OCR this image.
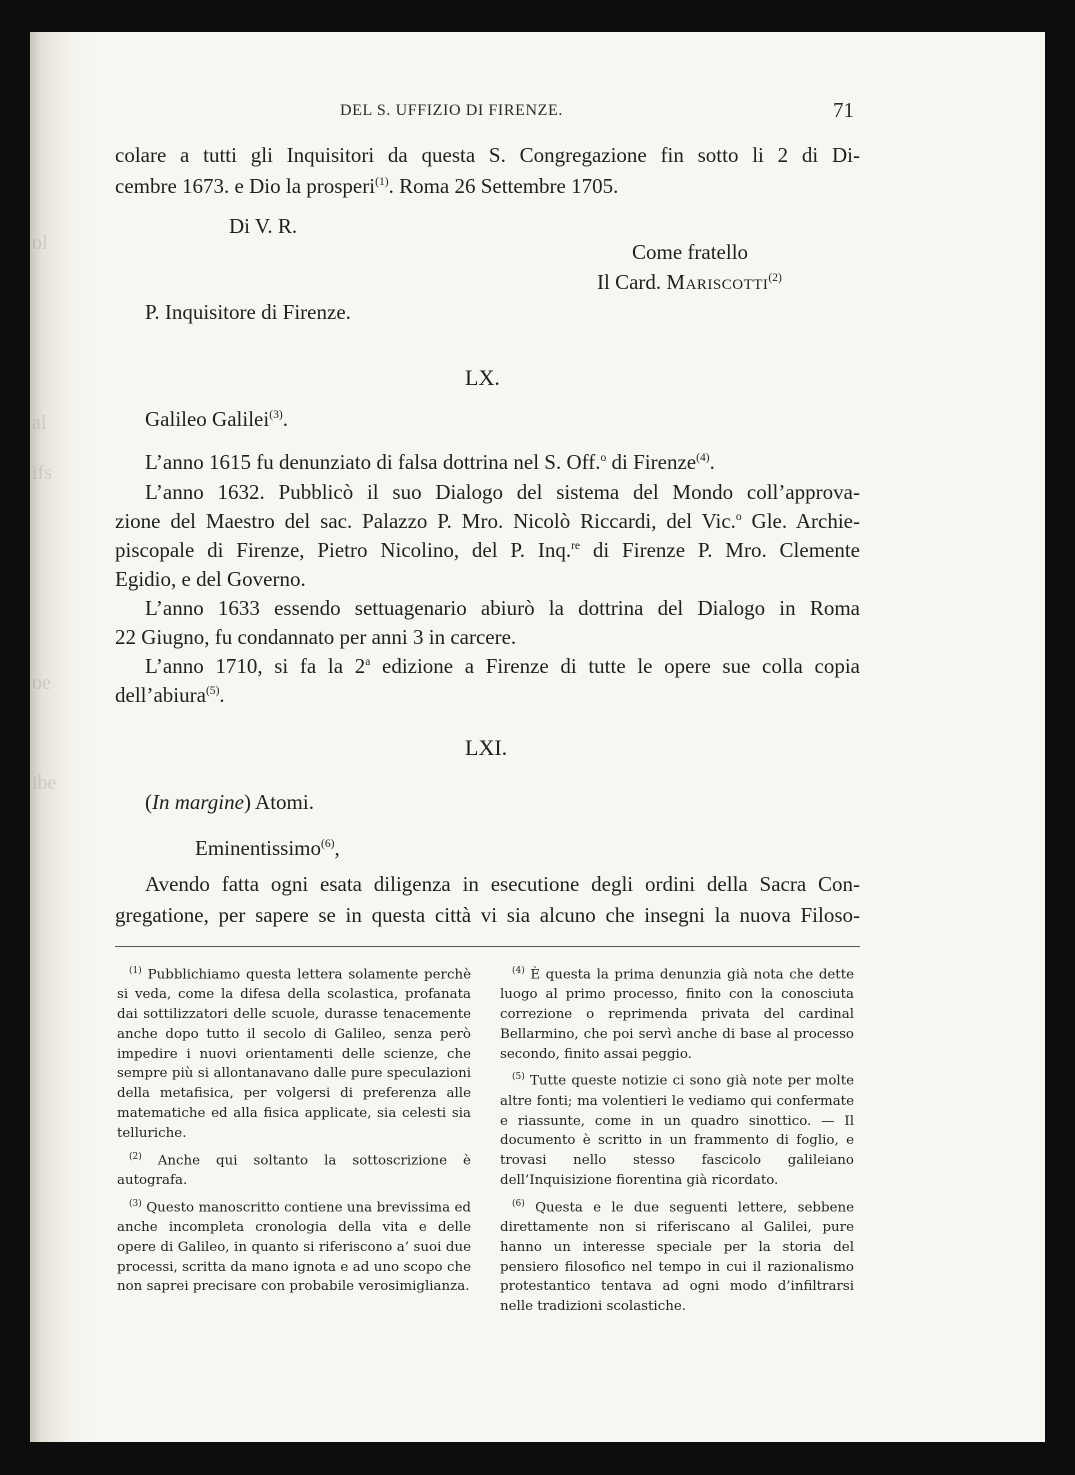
ol
al
ifs
oe
ibe
DEL S. UFFIZIO DI FIRENZE.	71
colare a tutti gli Inquisitori da questa S. Congregazione fin sotto li 2 di Di-
cembre 1673. e Dio la prosperi$^{(1)}$. Roma 26 Settembre 1705.
Di V. R.
Come fratello
Il Card. Mariscotti$^{(2)}$
P. Inquisitore di Firenze.
LX.
Galileo Galilei$^{(3)}$.
L’anno 1615 fu denunziato di falsa dottrina nel S. Off.$^o$ di Firenze$^{(4)}$.
L’anno 1632. Pubblicò il suo Dialogo del sistema del Mondo coll’approva-
zione del Maestro del sac. Palazzo P. Mro. Nicolò Riccardi, del Vic.$^o$ Gle. Archie-
piscopale di Firenze, Pietro Nicolino, del P. Inq.$^{re}$ di Firenze P. Mro. Clemente
Egidio, e del Governo.
L’anno 1633 essendo settuagenario abiurò la dottrina del Dialogo in Roma
22 Giugno, fu condannato per anni 3 in carcere.
L’anno 1710, si fa la 2$^a$ edizione a Firenze di tutte le opere sue colla copia
dell’abiura$^{(5)}$.
LXI.
(In margine) Atomi.
Eminentissimo$^{(6)}$,
Avendo fatta ogni esata diligenza in esecutione degli ordini della Sacra Con-
gregatione, per sapere se in questa città vi sia alcuno che insegni la nuova Filoso-

$^{(1)}$ Pubblichiamo questa lettera solamente perchè si veda, come la difesa della scolastica, profanata dai sottilizzatori delle scuole, durasse tenacemente anche dopo tutto il secolo di Galileo, senza però impedire i nuovi orientamenti delle scienze, che sempre più si allontanavano dalle pure speculazioni della metafisica, per volgersi di preferenza alle matematiche ed alla fisica applicate, sia celesti sia telluriche.

$^{(2)}$ Anche qui soltanto la sottoscrizione è autografa.

$^{(3)}$ Questo manoscritto contiene una brevissima ed anche incompleta cronologia della vita e delle opere di Galileo, in quanto si riferiscono a’ suoi due processi, scritta da mano ignota e ad uno scopo che non saprei precisare con probabile verosimiglianza.

$^{(4)}$ È questa la prima denunzia già nota che dette luogo al primo processo, finito con la conosciuta correzione o reprimenda privata del cardinal Bellarmino, che poi servì anche di base al processo secondo, finito assai peggio.

$^{(5)}$ Tutte queste notizie ci sono già note per molte altre fonti; ma volentieri le vediamo qui confermate e riassunte, come in un quadro sinottico. — Il documento è scritto in un frammento di foglio, e trovasi nello stesso fascicolo galileiano dell’Inquisizione fiorentina già ricordato.

$^{(6)}$ Questa e le due seguenti lettere, sebbene direttamente non si riferiscano al Galilei, pure hanno un interesse speciale per la storia del pensiero filosofico nel tempo in cui il razionalismo protestantico tentava ad ogni modo d’infiltrarsi nelle tradizioni scolastiche.
